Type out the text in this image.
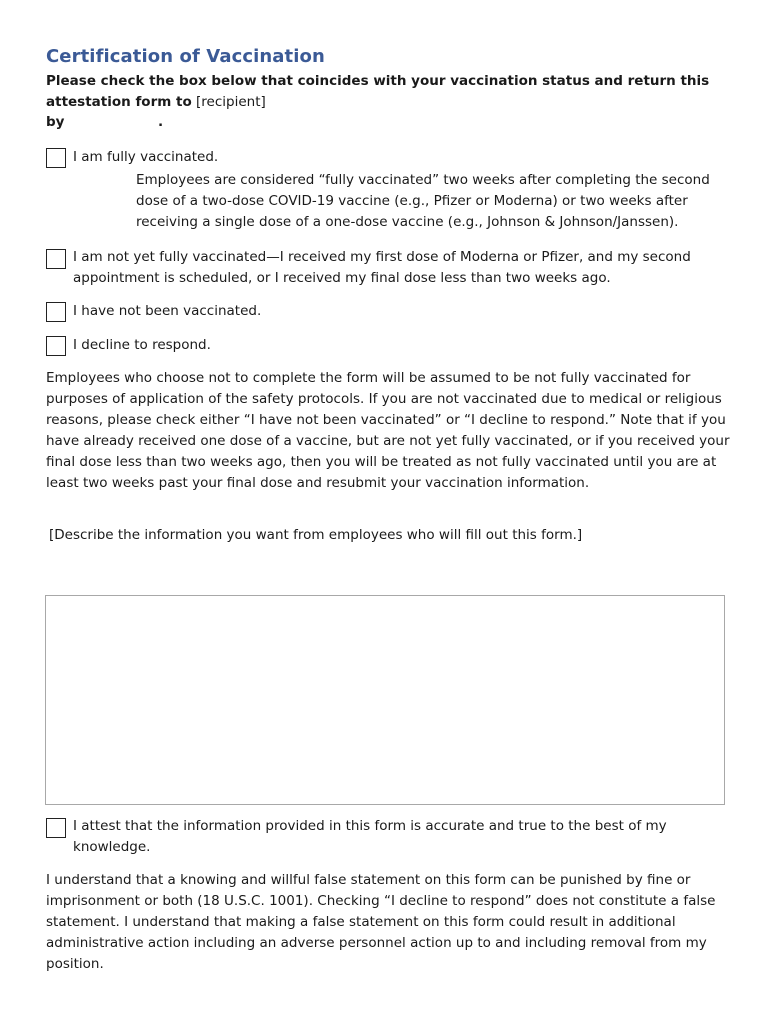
Certification of Vaccination
Please check the box below that coincides with your vaccination status and return this attestation form to [recipient]
by	.
I am fully vaccinated.
Employees are considered “fully vaccinated” two weeks after completing the second dose of a two-dose COVID-19 vaccine (e.g., Pfizer or Moderna) or two weeks after receiving a single dose of a one-dose vaccine (e.g., Johnson & Johnson/Janssen).
I am not yet fully vaccinated—I received my first dose of Moderna or Pfizer, and my second appointment is scheduled, or I received my final dose less than two weeks ago.
I have not been vaccinated.
I decline to respond.
Employees who choose not to complete the form will be assumed to be not fully vaccinated for purposes of application of the safety protocols. If you are not vaccinated due to medical or religious reasons, please check either “I have not been vaccinated” or “I decline to respond.” Note that if you have already received one dose of a vaccine, but are not yet fully vaccinated, or if you received your final dose less than two weeks ago, then you will be treated as not fully vaccinated until you are at least two weeks past your final dose and resubmit your vaccination information.
[Describe the information you want from employees who will fill out this form.]
I attest that the information provided in this form is accurate and true to the best of my knowledge.
I understand that a knowing and willful false statement on this form can be punished by fine or imprisonment or both (18 U.S.C. 1001). Checking “I decline to respond” does not constitute a false statement. I understand that making a false statement on this form could result in additional administrative action including an adverse personnel action up to and including removal from my position.
